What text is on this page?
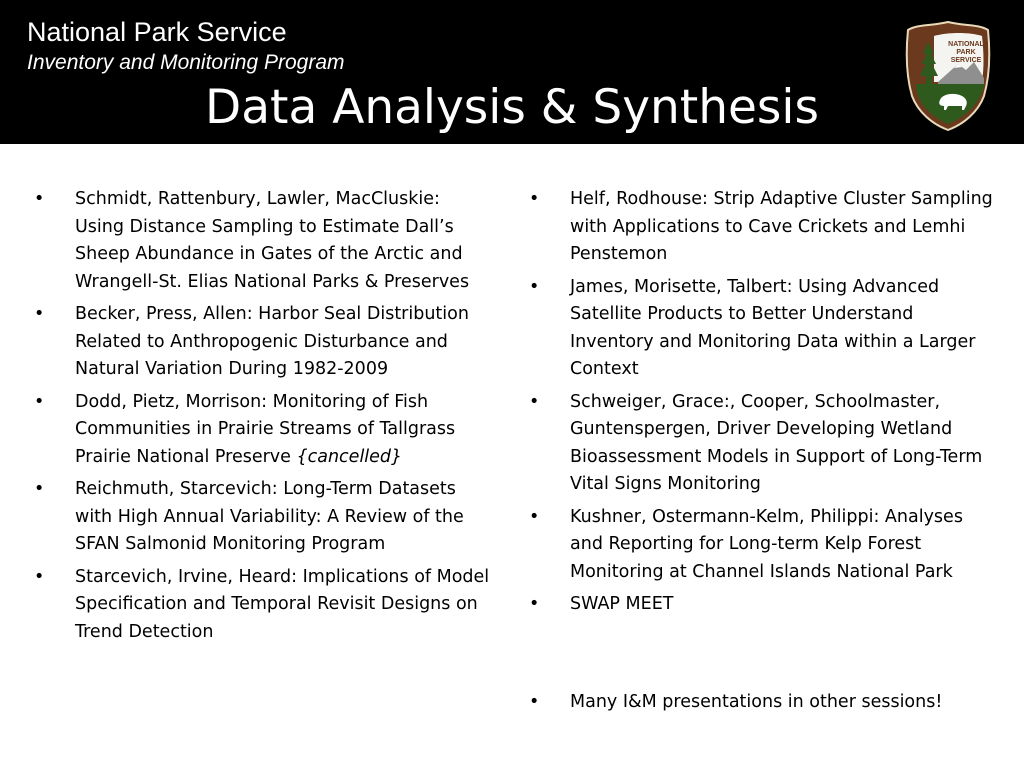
National Park Service
Inventory and Monitoring Program
Data Analysis & Synthesis
NATIONAL
PARK
SERVICE
• Schmidt, Rattenbury, Lawler, MacCluskie: Using Distance Sampling to Estimate Dall’s Sheep Abundance in Gates of the Arctic and Wrangell-St. Elias National Parks & Preserves
• Becker, Press, Allen: Harbor Seal Distribution Related to Anthropogenic Disturbance and Natural Variation During 1982-2009
• Dodd, Pietz, Morrison: Monitoring of Fish Communities in Prairie Streams of Tallgrass Prairie National Preserve {cancelled}
• Reichmuth, Starcevich: Long-Term Datasets with High Annual Variability: A Review of the SFAN Salmonid Monitoring Program
• Starcevich, Irvine, Heard: Implications of Model Specification and Temporal Revisit Designs on Trend Detection
• Helf, Rodhouse: Strip Adaptive Cluster Sampling with Applications to Cave Crickets and Lemhi Penstemon
• James, Morisette, Talbert: Using Advanced Satellite Products to Better Understand Inventory and Monitoring Data within a Larger Context
• Schweiger, Grace:, Cooper, Schoolmaster, Guntenspergen, Driver Developing Wetland Bioassessment Models in Support of Long-Term Vital Signs Monitoring
• Kushner, Ostermann-Kelm, Philippi: Analyses and Reporting for Long-term Kelp Forest Monitoring at Channel Islands National Park
• SWAP MEET
• Many I&M presentations in other sessions!
